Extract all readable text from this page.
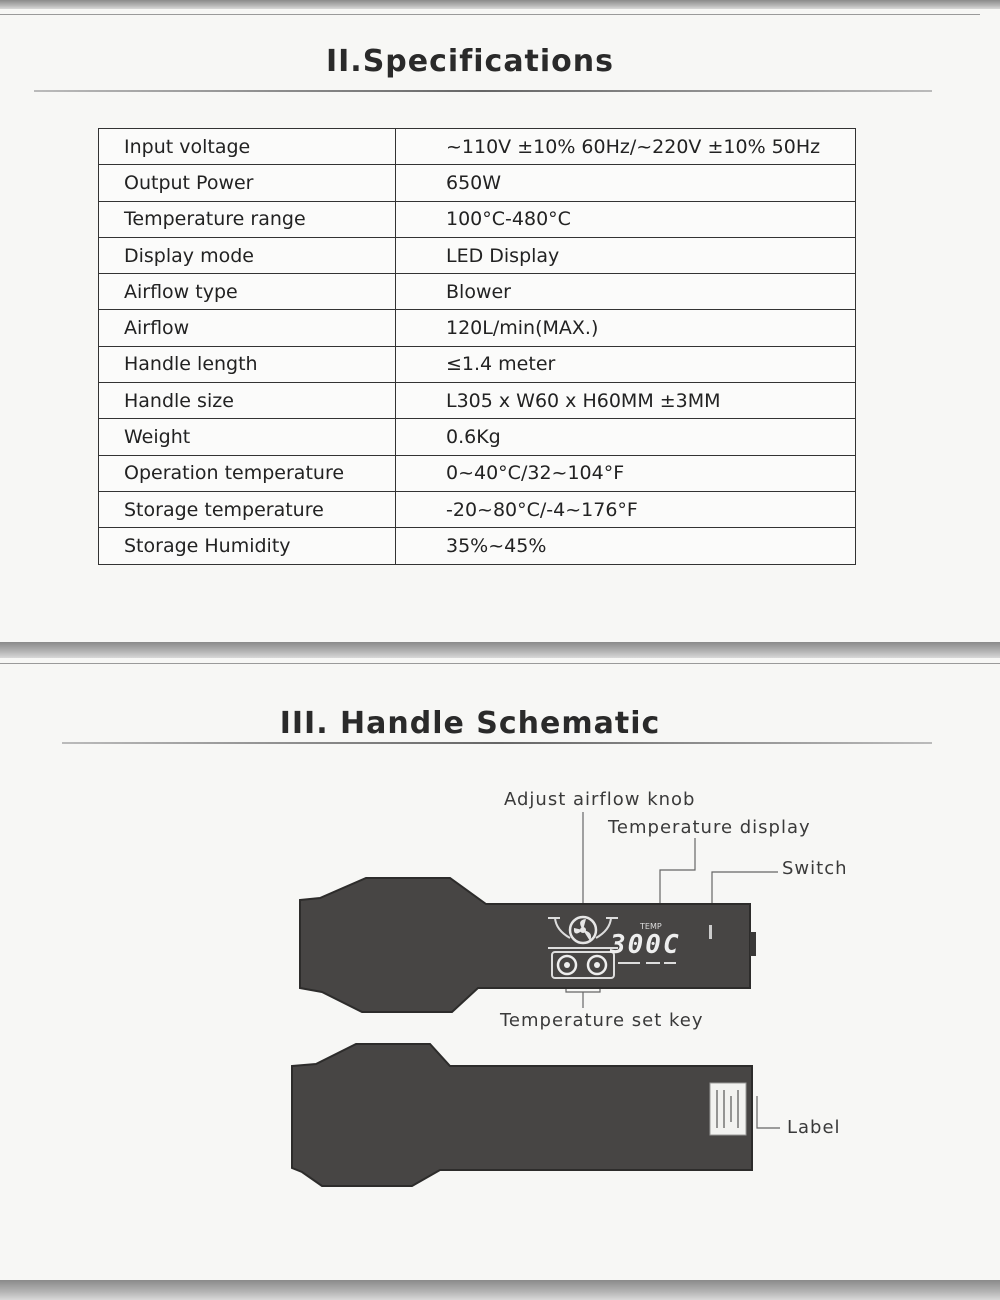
II.Specifications
Input voltage	~110V ±10% 60Hz/~220V ±10% 50Hz
Output Power	650W
Temperature range	100°C-480°C
Display mode	LED Display
Airflow type	Blower
Airflow	120L/min(MAX.)
Handle length	≤1.4 meter
Handle size	L305 x W60 x H60MM ±3MM
Weight	0.6Kg
Operation temperature	0~40°C/32~104°F
Storage temperature	-20~80°C/-4~176°F
Storage Humidity	35%~45%
III. Handle Schematic
Adjust airflow knob
Temperature display
Switch
Temperature set key
Label
TEMP
300C
